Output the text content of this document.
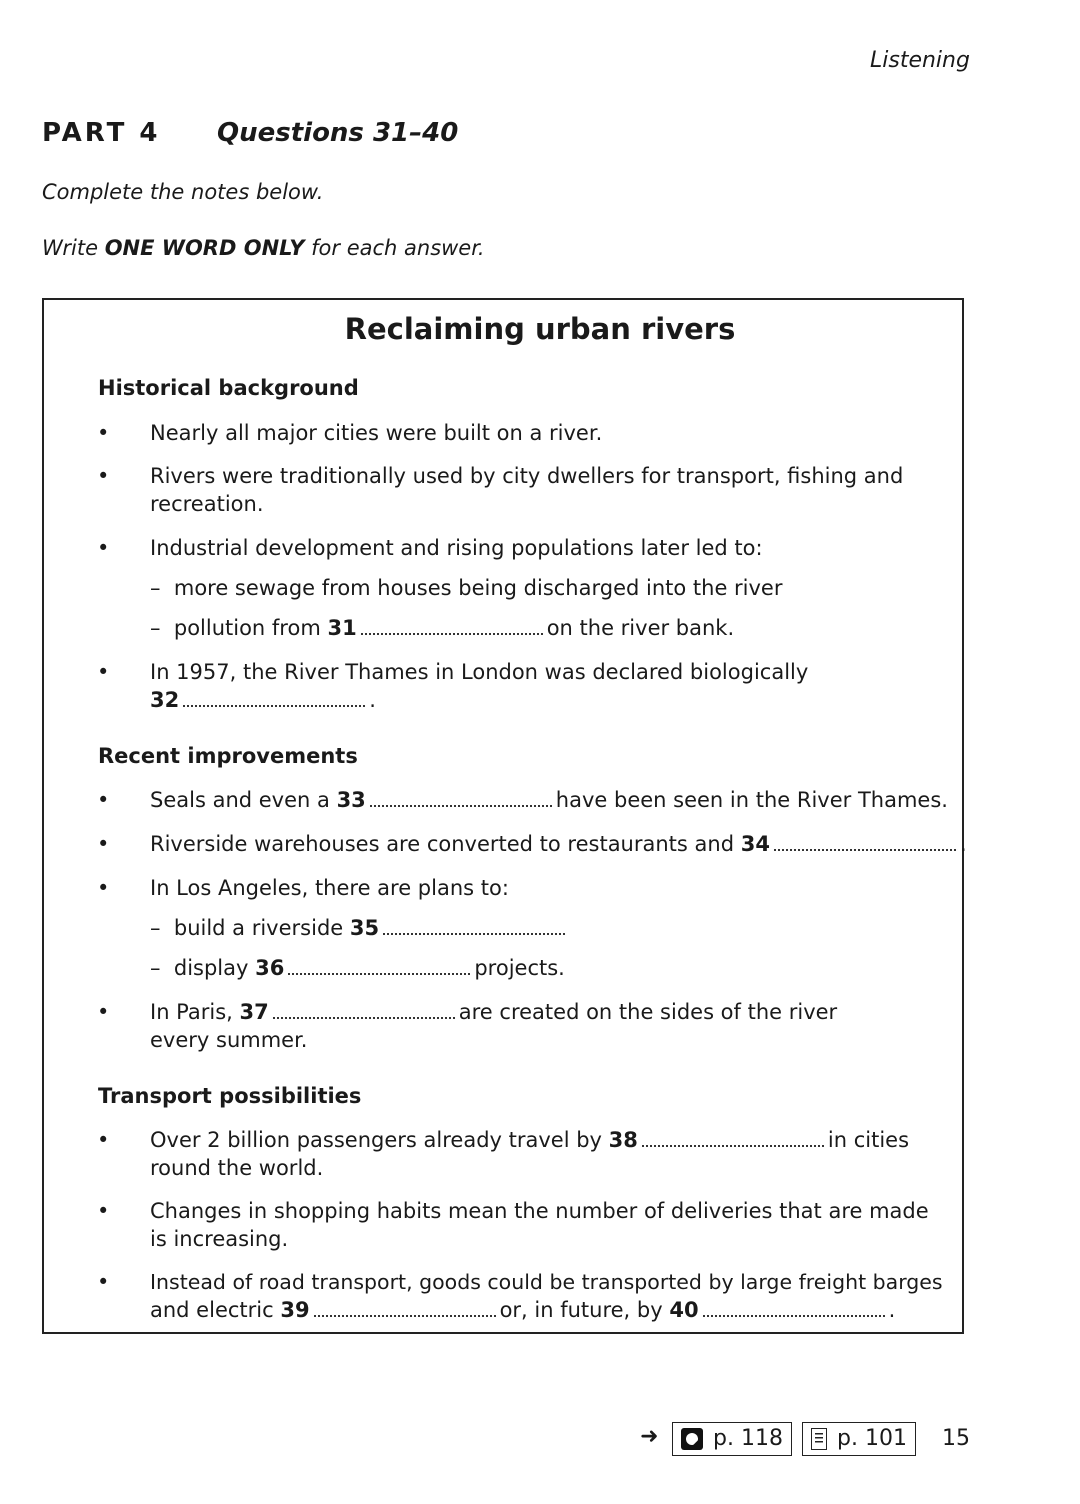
Listening
PART 4 Questions 31–40
Complete the notes below.
Write ONE WORD ONLY for each answer.
Reclaiming urban rivers
Historical background
• Nearly all major cities were built on a river.
• Rivers were traditionally used by city dwellers for transport, fishing and
recreation.
• Industrial development and rising populations later led to:
– more sewage from houses being discharged into the river
– pollution from 31	on the river bank.
• In 1957, the River Thames in London was declared biologically
32	.
Recent improvements
• Seals and even a 33	have been seen in the River Thames.
• Riverside warehouses are converted to restaurants and 34	.
• In Los Angeles, there are plans to:
– build a riverside 35
– display 36	projects.
• In Paris, 37	are created on the sides of the river
every summer.
Transport possibilities
• Over 2 billion passengers already travel by 38	in cities
round the world.
• Changes in shopping habits mean the number of deliveries that are made
is increasing.
• Instead of road transport, goods could be transported by large freight barges
and electric 39	or, in future, by 40	.
➜ p. 118 p. 101 15
